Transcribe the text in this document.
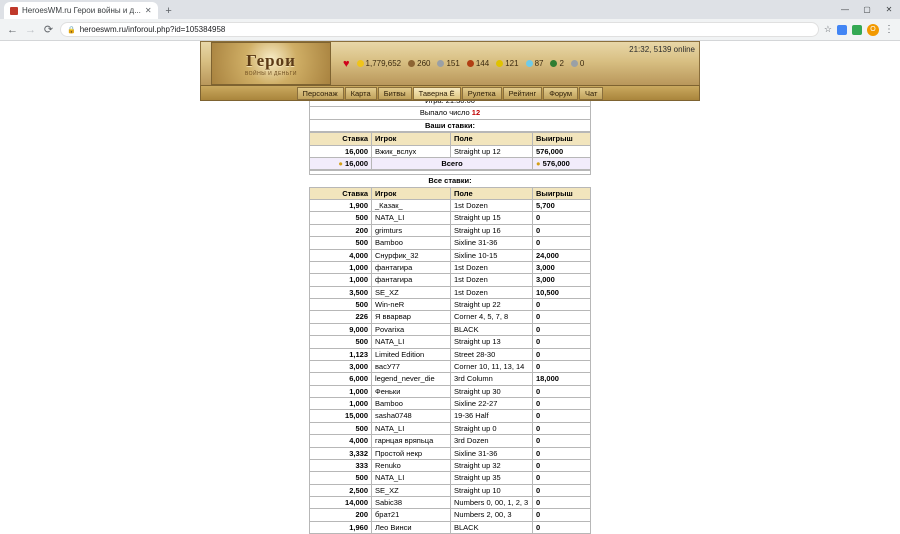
HeroesWM.ru Герои войны и д... ✕	+	—	▢	✕
← → ⟳ 🔒 heroeswm.ru/inforoul.php?id=105384958	☆	O ⋮
Герои
ВОЙНЫ И ДЕНЬГИ
♥ 1,779,652 260 151 144 121 87 2 0
21:32, 5139 online
Персонаж	Карта	Битвы	Таверна Ё	Рулетка	Рейтинг	Форум	Чат

Выпало число 12
Ваши ставки:
Ставка	Игрок	Поле	Выигрыш
16,000	Вжик_вслух	Straight up 12	576,000
● 16,000	Всего		● 576,000

Все ставки:
Ставка	Игрок	Поле	Выигрыш
1,900	_Казак_	1st Dozen	5,700
500	NATA_LI	Straight up 15	0
200	grimturs	Straight up 16	0
500	Bamboo	Sixline 31-36	0
4,000	Снурфик_32	Sixline 10-15	24,000
1,000	фантагира	1st Dozen	3,000
1,000	фантагира	1st Dozen	3,000
3,500	SE_XZ	1st Dozen	10,500
500	Win-neR	Straight up 22	0
226	Я вварвар	Corner 4, 5, 7, 8	0
9,000	Povarixa	BLACK	0
500	NATA_LI	Straight up 13	0
1,123	Limited Edition	Street 28-30	0
3,000	васУ77	Corner 10, 11, 13, 14	0
6,000	legend_never_die	3rd Column	18,000
1,000	Феньки	Straight up 30	0
1,000	Bamboo	Sixline 22-27	0
15,000	sasha0748	19-36 Half	0
500	NATA_LI	Straight up 0	0
4,000	гарнцая вряпьца	3rd Dozen	0
3,332	Простой некр	Sixline 31-36	0
333	Renuko	Straight up 32	0
500	NATA_LI	Straight up 35	0
2,500	SE_XZ	Straight up 10	0
14,000	Sabic38	Numbers 0, 00, 1, 2, 3	0
200	брат21	Numbers 2, 00, 3	0
1,960	Лео Винси	BLACK	0
